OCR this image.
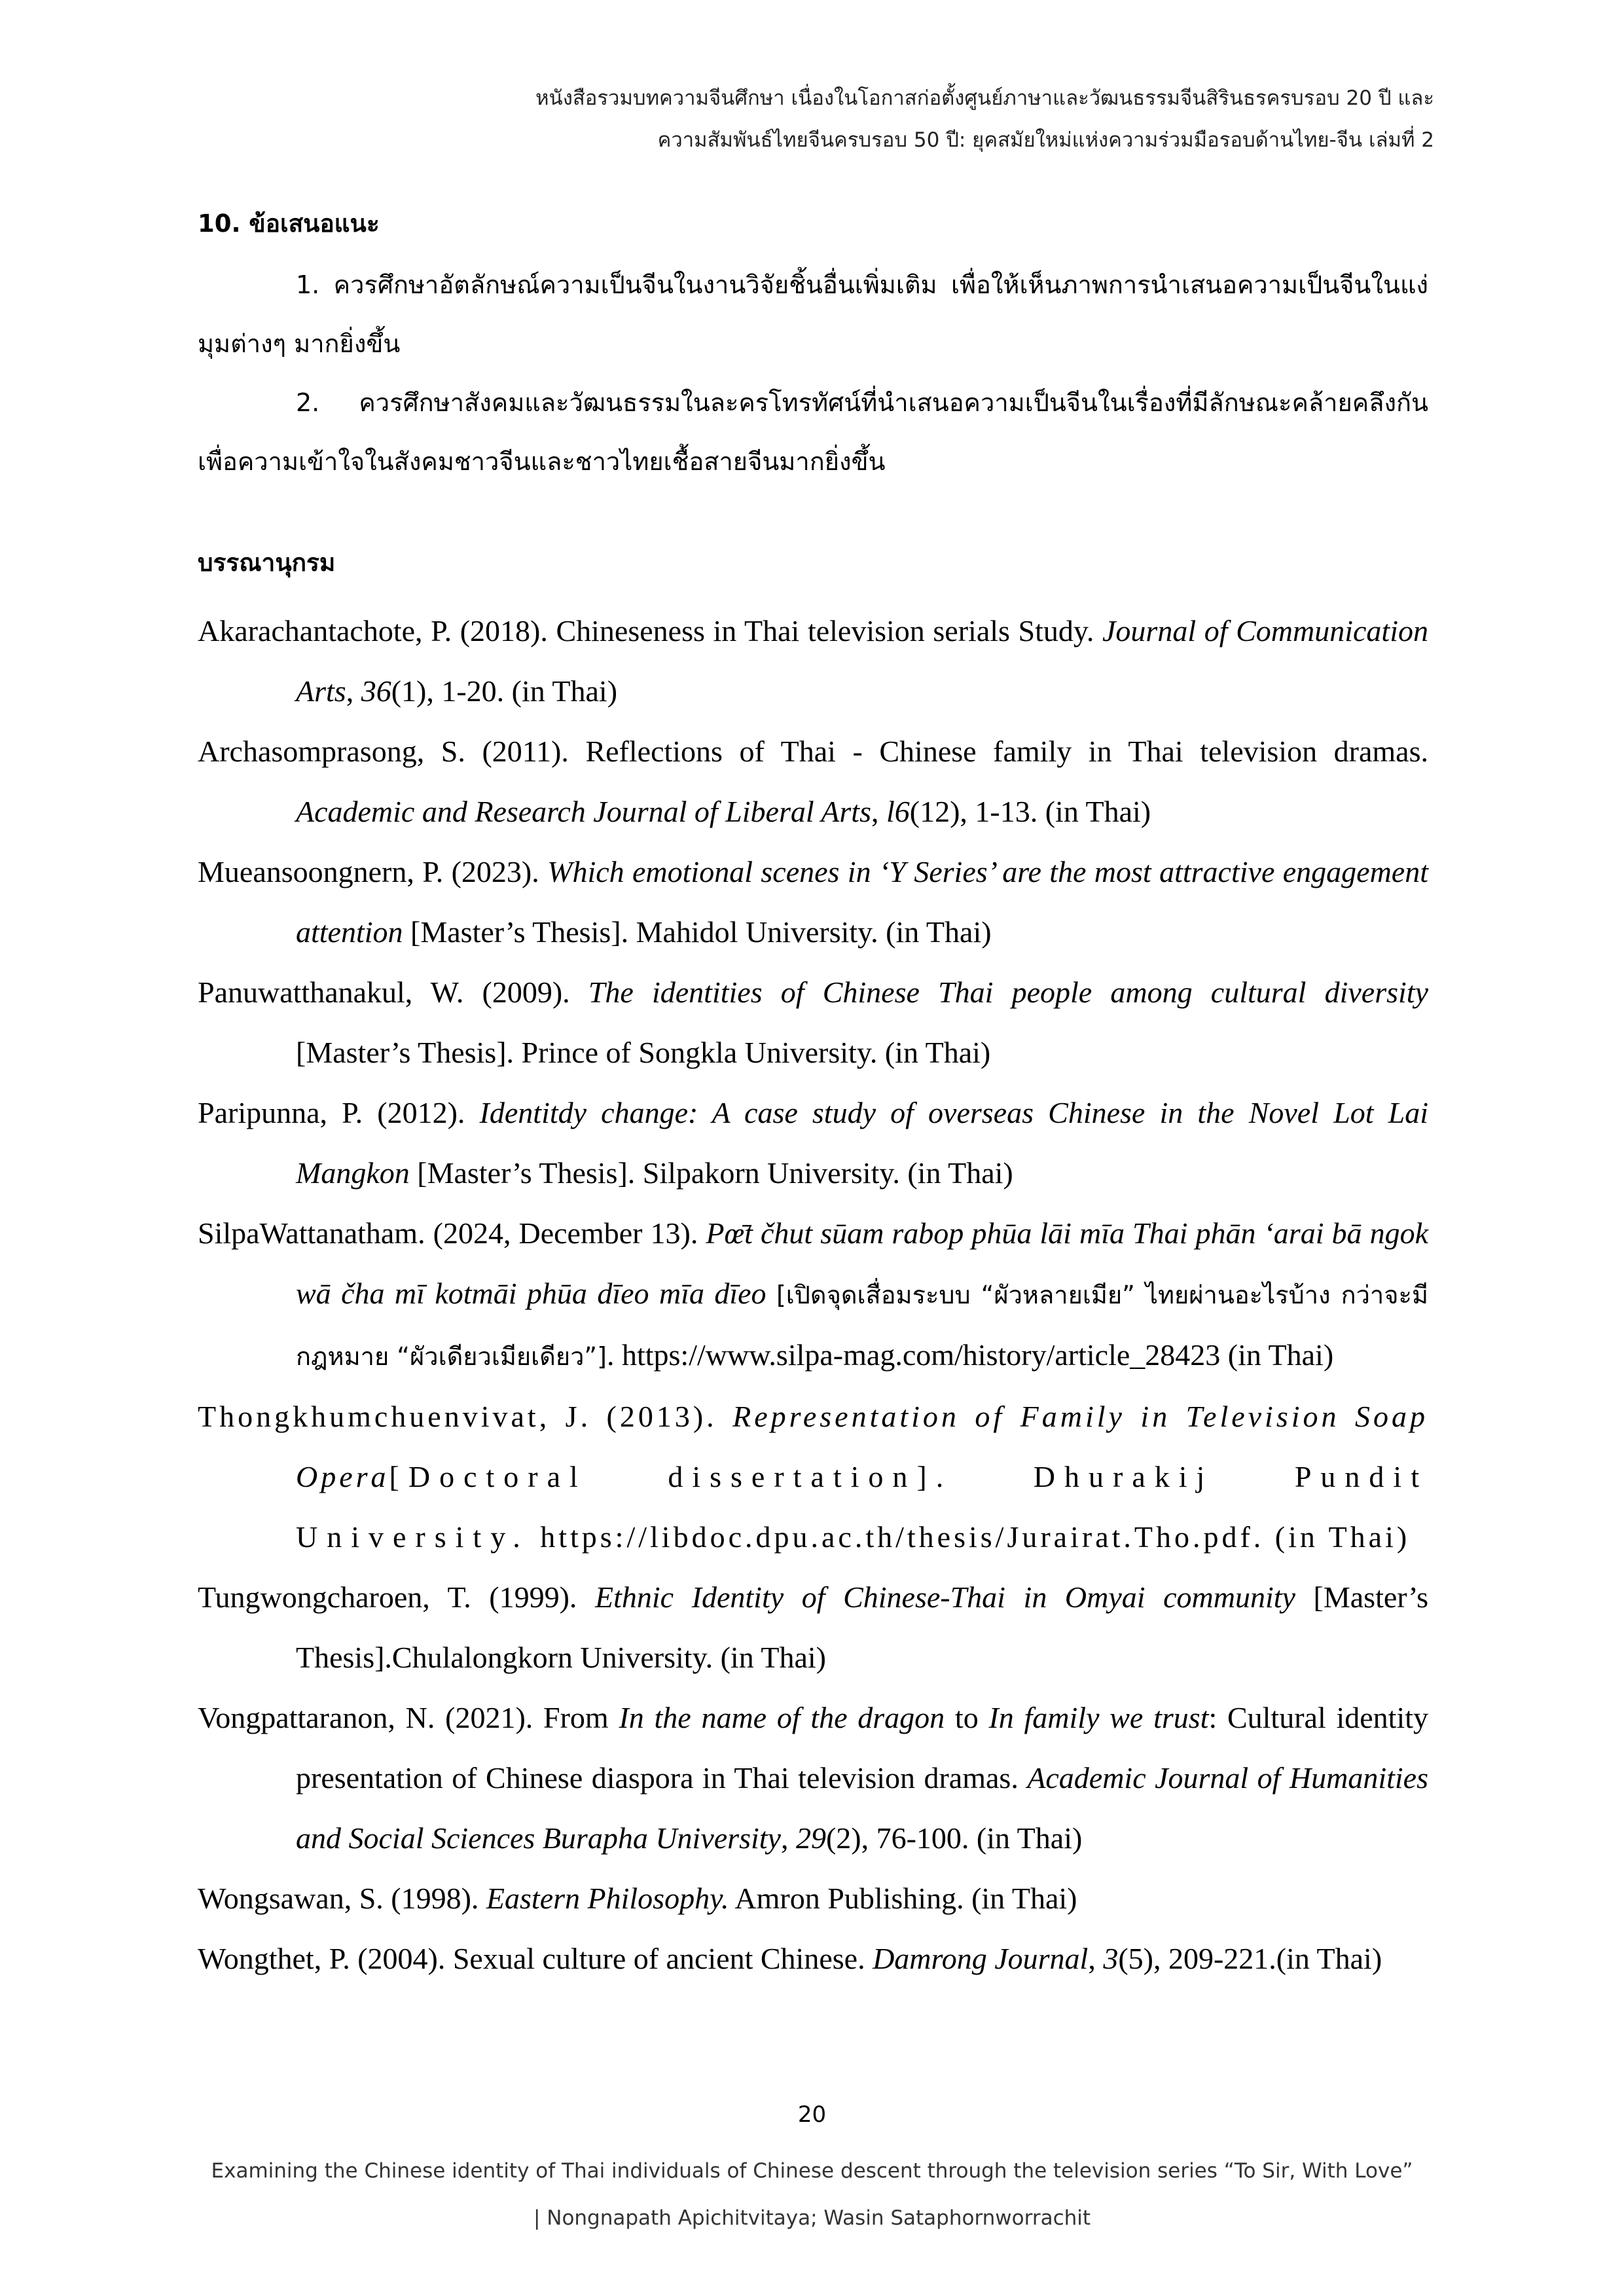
หนังสือรวมบทความจีนศึกษา เนื่องในโอกาสก่อตั้งศูนย์ภาษาและวัฒนธรรมจีนสิรินธรครบรอบ 20 ปี และ
ความสัมพันธ์ไทยจีนครบรอบ 50 ปี: ยุคสมัยใหม่แห่งความร่วมมือรอบด้านไทย-จีน เล่มที่ 2
10. ข้อเสนอแนะ
1. ควรศึกษาอัตลักษณ์ความเป็นจีนในงานวิจัยชิ้นอื่นเพิ่มเติม เพื่อให้เห็นภาพการนำเสนอความเป็นจีนในแง่มุมต่างๆ มากยิ่งขึ้น
2. ควรศึกษาสังคมและวัฒนธรรมในละครโทรทัศน์ที่นำเสนอความเป็นจีนในเรื่องที่มีลักษณะคล้ายคลึงกัน เพื่อความเข้าใจในสังคมชาวจีนและชาวไทยเชื้อสายจีนมากยิ่งขึ้น
บรรณานุกรม
Akarachantachote, P. (2018). Chineseness in Thai television serials Study. Journal of Communication Arts, 36(1), 1-20. (in Thai)
Archasomprasong, S. (2011). Reflections of Thai - Chinese family in Thai television dramas. Academic and Research Journal of Liberal Arts, l6(12), 1-13. (in Thai)
Mueansoongnern, P. (2023). Which emotional scenes in ‘Y Series’ are the most attractive engagement attention [Master’s Thesis]. Mahidol University. (in Thai)
Panuwatthanakul, W. (2009). The identities of Chinese Thai people among cultural diversity [Master’s Thesis]. Prince of Songkla University. (in Thai)
Paripunna, P. (2012). Identitdy change: A case study of overseas Chinese in the Novel Lot Lai Mangkon [Master’s Thesis]. Silpakorn University. (in Thai)
SilpaWattanatham. (2024, December 13). Pœ̄t čhut sūam rabop phūa lāi mīa Thai phān ‘arai bā ngok wā čha mī kotmāi phūa dīeo mīa dīeo [เปิดจุดเสื่อมระบบ “ผัวหลายเมีย” ไทยผ่านอะไรบ้าง กว่าจะมีกฎหมาย “ผัวเดียวเมียเดียว”]. https://www.silpa-mag.com/history/article_28423 (in Thai)
Thongkhumchuenvivat, J. (2013). Representation of Family in Television Soap Opera[Doctoral dissertation]. Dhurakij Pundit University. https://libdoc.dpu.ac.th/thesis/Jurairat.Tho.pdf. (in Thai)
Tungwongcharoen, T. (1999). Ethnic Identity of Chinese-Thai in Omyai community [Master’s Thesis].Chulalongkorn University. (in Thai)
Vongpattaranon, N. (2021). From In the name of the dragon to In family we trust: Cultural identity presentation of Chinese diaspora in Thai television dramas. Academic Journal of Humanities and Social Sciences Burapha University, 29(2), 76-100. (in Thai)
Wongsawan, S. (1998). Eastern Philosophy. Amron Publishing. (in Thai)
Wongthet, P. (2004). Sexual culture of ancient Chinese. Damrong Journal, 3(5), 209-221.(in Thai)
20
Examining the Chinese identity of Thai individuals of Chinese descent through the television series “To Sir, With Love”
| Nongnapath Apichitvitaya; Wasin Sataphornworrachit
